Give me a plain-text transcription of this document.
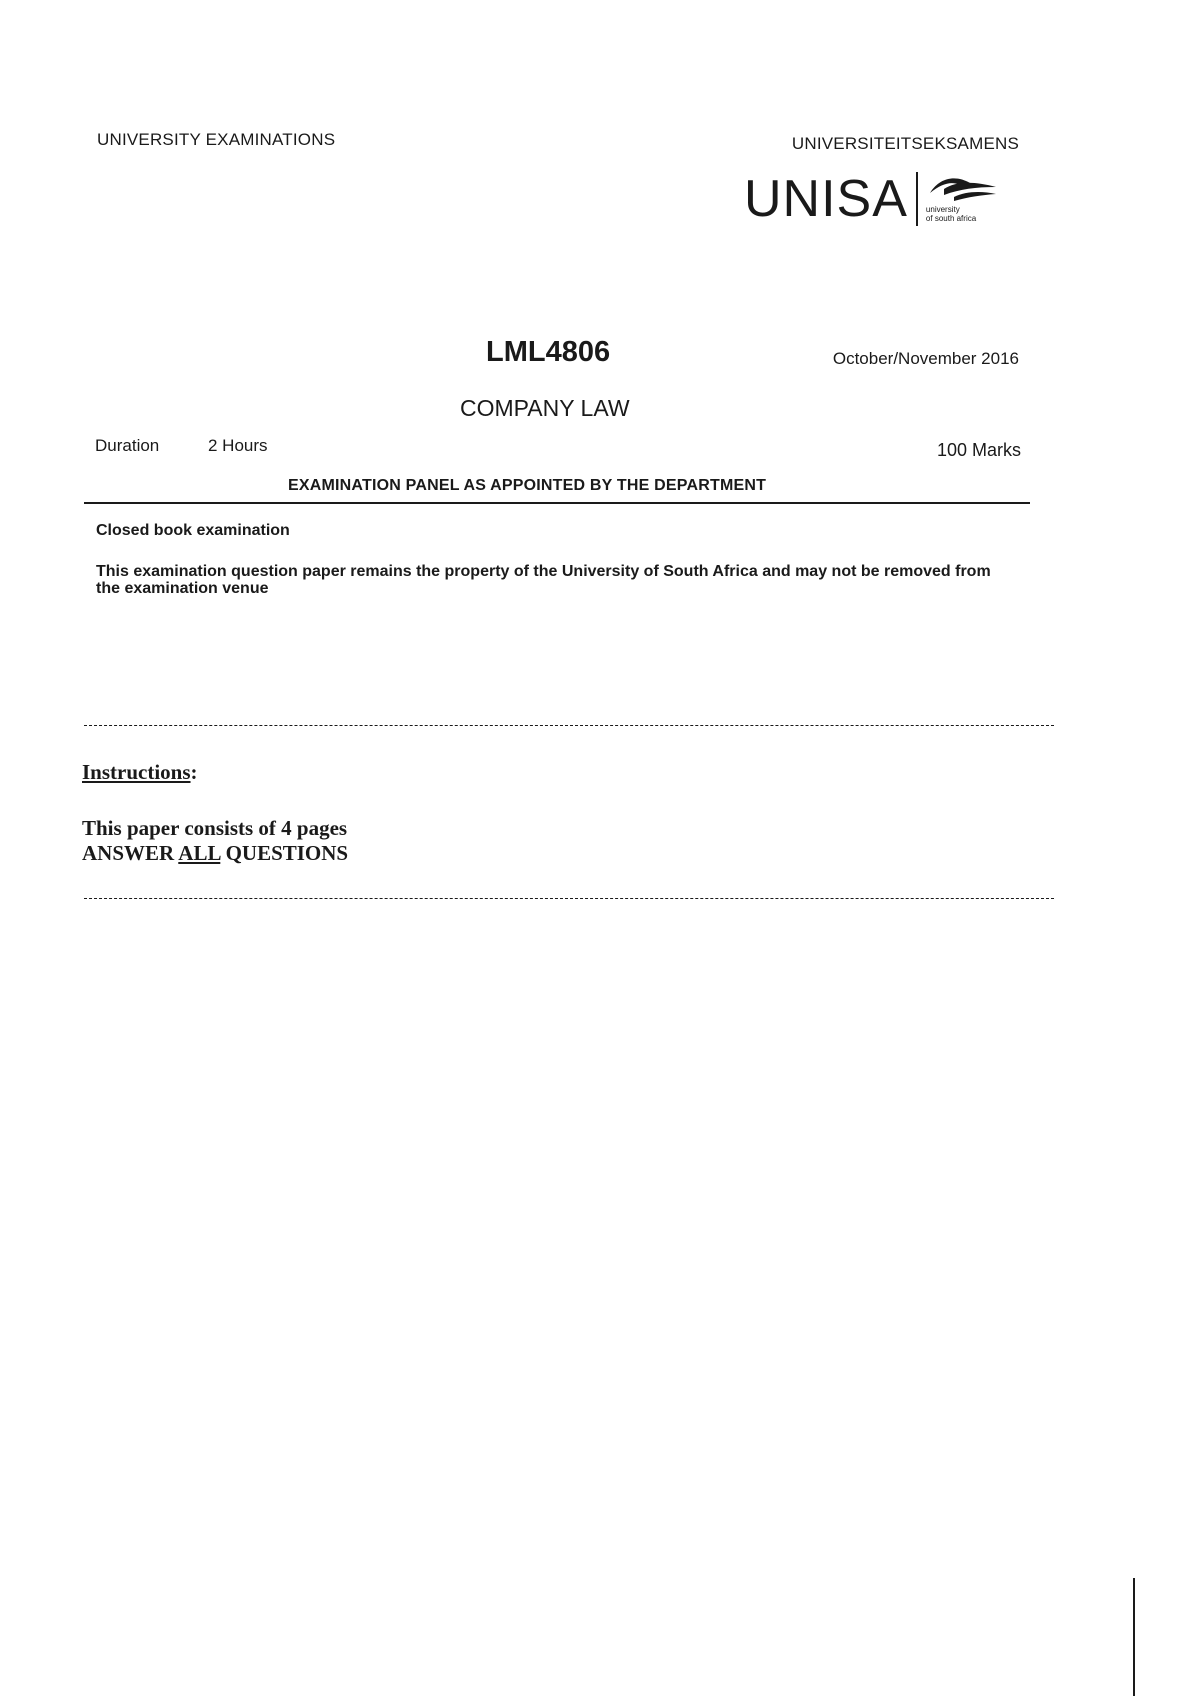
UNIVERSITY EXAMINATIONS	UNIVERSITEITSEKSAMENS
UNISA university
of south africa
LML4806	October/November 2016
COMPANY LAW
Duration	2 Hours	100 Marks
EXAMINATION PANEL AS APPOINTED BY THE DEPARTMENT
Closed book examination
This examination question paper remains the property of the University of South Africa and may not be removed from the examination venue
Instructions:
This paper consists of 4 pages
ANSWER ALL QUESTIONS
